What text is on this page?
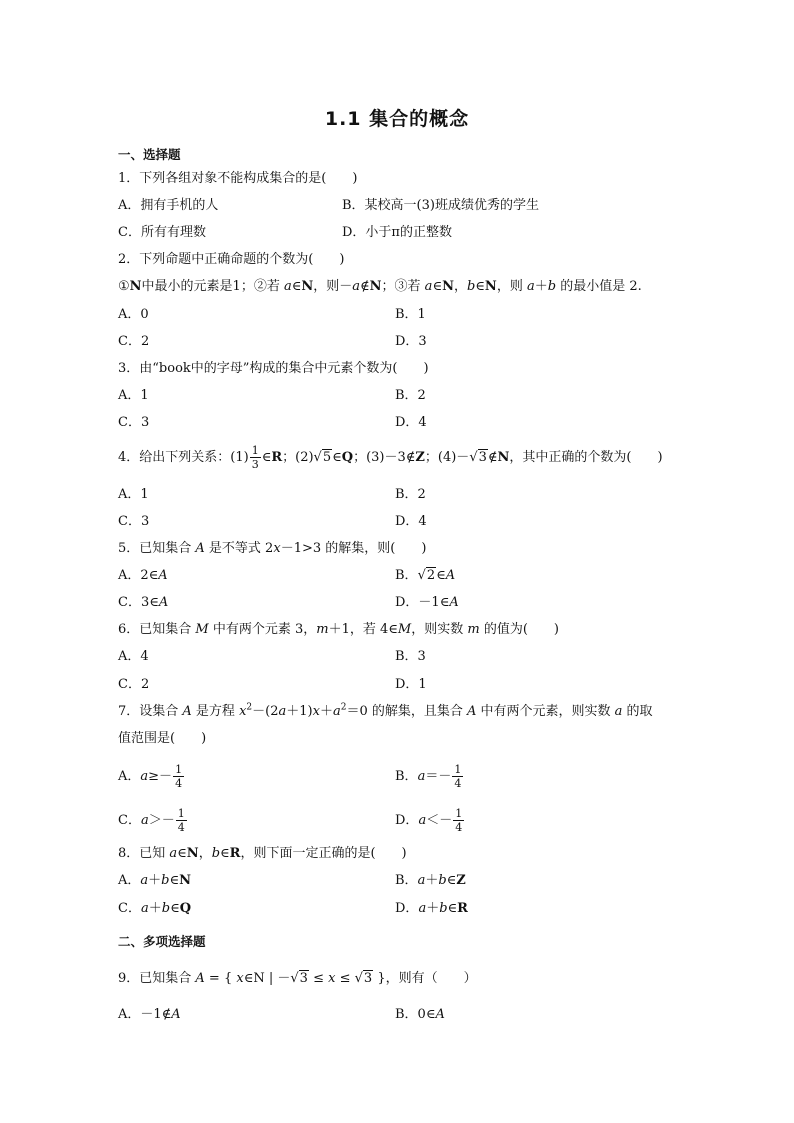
1.1 集合的概念
一、选择题
1．下列各组对象不能构成集合的是(　　)
A．拥有手机的人	B．某校高一(3)班成绩优秀的学生
C．所有有理数	D．小于π的正整数
2．下列命题中正确命题的个数为(　　)
①N中最小的元素是1；②若 a∈N，则－a∉N；③若 a∈N，b∈N，则 a＋b 的最小值是 2.
A．0	B．1
C．2	D．3
3．由“book中的字母”构成的集合中元素个数为(　　)
A．1	B．2
C．3	D．4
4．给出下列关系：$(1) \frac{1}{3}$ ∈R；(2)√5∈Q；(3)－3∉Z；(4)－√3∉N，其中正确的个数为(　　)
A．1	B．2
C．3	D．4
5．已知集合 A 是不等式 2x－1>3 的解集，则(　　)
A．2∈A	B．√2∈A
C．3∈A	D．－1∈A
6．已知集合 M 中有两个元素 3，m＋1，若 4∈M，则实数 m 的值为(　　)
A．4	B．3
C．2	D．1
7．设集合 A 是方程 $x^2-(2a+1)x+a^2=0$ 的解集，且集合 A 中有两个元素，则实数 a 的取
值范围是(　　)
A．$a\ge- \frac{1}{4}$	B．$a=- \frac{1}{4}$
C．$a>- \frac{1}{4}$	D．$a<- \frac{1}{4}$
8．已知 a∈N，b∈R，则下面一定正确的是(　　)
A．a＋b∈N	B．a＋b∈Z
C．a＋b∈Q	D．a＋b∈R
二、多项选择题
9．已知集合 A = { x∈N | －√3 ≤ x ≤ √3 }，则有（　　）
A．－1∉A	B．0∈A
